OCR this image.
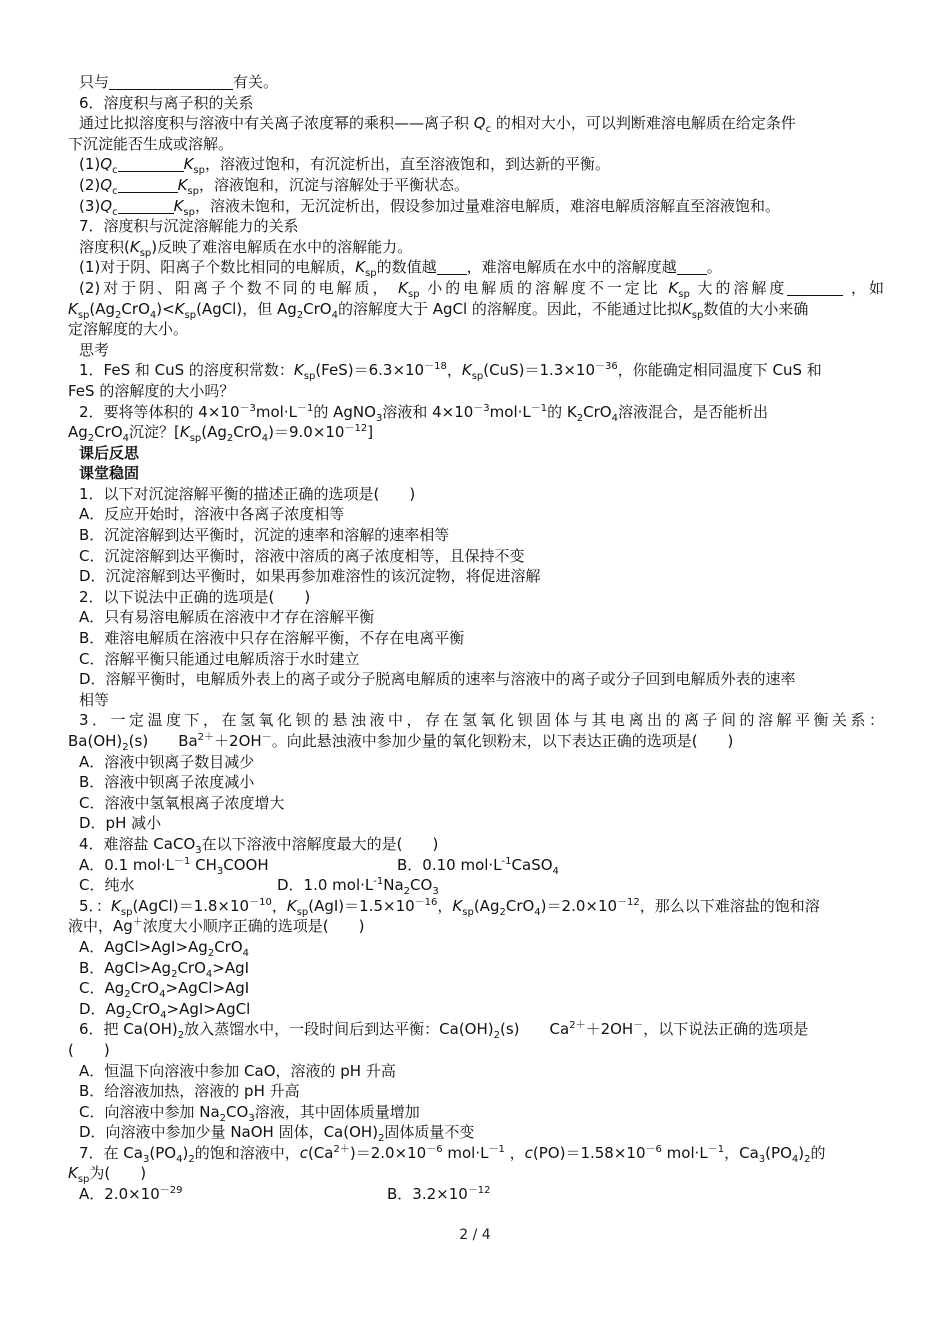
只与	有关。
6．溶度积与离子积的关系
通过比拟溶度积与溶液中有关离子浓度幂的乘积——离子积 $Q_c$ 的相对大小，可以判断难溶电解质在给定条件
下沉淀能否生成或溶解。
$(1)Q_c$	$K_{sp}$，溶液过饱和，有沉淀析出，直至溶液饱和，到达新的平衡。
$(2)Q_c$	$K_{sp}$，溶液饱和，沉淀与溶解处于平衡状态。
$(3)Q_c$	$K_{sp}$，溶液未饱和，无沉淀析出，假设参加过量难溶电解质，难溶电解质溶解直至溶液饱和。
7．溶度积与沉淀溶解能力的关系
溶度积$(K_{sp})$反映了难溶电解质在水中的溶解能力。
(1)对于阴、阳离子个数比相同的电解质，$K_{sp}$的数值越 ，难溶电解质在水中的溶解度越 。
(2)对于阴、阳离子个数不同的电解质， $K_{sp}$ 小的电解质的溶解度不一定比 $K_{sp}$ 大的溶解度	，如
$K_{sp}(Ag_2CrO_4)<K_{sp}(AgCl)$，但 $Ag_2CrO_4$的溶解度大于 AgCl 的溶解度。因此，不能通过比拟$K_{sp}$数值的大小来确
定溶解度的大小。
思考
1．FeS 和 CuS 的溶度积常数：$K_{sp}(FeS)=6.3\times 10^{-18}$，$K_{sp}(CuS)=1.3\times 10^{-36}$，你能确定相同温度下 CuS 和
FeS 的溶解度的大小吗？
2．要将等体积的 $4\times 10^{-3}mol\cdot L^{-1}$的 AgNO$_3$溶液和 $4\times 10^{-3}mol\cdot L^{-1}$的 $K_2CrO_4$溶液混合，是否能析出
$Ag_2CrO_4$沉淀？$[K_{sp}(Ag_2CrO_4)=9.0\times 10^{-12}]$
课后反思
课堂稳固
1．以下对沉淀溶解平衡的描述正确的选项是(　　)
A．反应开始时，溶液中各离子浓度相等
B．沉淀溶解到达平衡时，沉淀的速率和溶解的速率相等
C．沉淀溶解到达平衡时，溶液中溶质的离子浓度相等，且保持不变
D．沉淀溶解到达平衡时，如果再参加难溶性的该沉淀物，将促进溶解
2．以下说法中正确的选项是(　　)
A．只有易溶电解质在溶液中才存在溶解平衡
B．难溶电解质在溶液中只存在溶解平衡，不存在电离平衡
C．溶解平衡只能通过电解质溶于水时建立
D．溶解平衡时，电解质外表上的离子或分子脱离电解质的速率与溶液中的离子或分子回到电解质外表的速率
相等
3．一定温度下，在氢氧化钡的悬浊液中，存在氢氧化钡固体与其电离出的离子间的溶解平衡关系：
$Ba(OH)_2(s)$ $Ba^{2+}+2OH^-$。向此悬浊液中参加少量的氧化钡粉末，以下表达正确的选项是(　　)
A．溶液中钡离子数目减少
B．溶液中钡离子浓度减小
C．溶液中氢氧根离子浓度增大
D．pH 减小
4．难溶盐 CaCO$_3$在以下溶液中溶解度最大的是(　　)
A．0.1 $mol\cdot L^{-1}$ $CH_3COOH$	B．0.10 $mol\cdot L^{-1}CaSO_4$
C．纯水	D．1.0 $mol\cdot L^{-1}Na_2CO_3$
5．：$K_{sp}(AgCl)=1.8\times 10^{-10}$，$K_{sp}(AgI)=1.5\times 10^{-16}$，$K_{sp}(Ag_2CrO_4)=2.0\times 10^{-12}$，那么以下难溶盐的饱和溶
液中，Ag＋浓度大小顺序正确的选项是(　　)
A．$AgCl>AgI>Ag_2CrO_4$
B．$AgCl>Ag_2CrO_4>AgI$
C．$Ag_2CrO_4>AgCl>AgI$
D．$Ag_2CrO_4>AgI>AgCl$
6．把 $Ca(OH)_2$放入蒸馏水中，一段时间后到达平衡：$Ca(OH)_2(s)$ $Ca^{2+}+2OH^-$，以下说法正确的选项是
(　　)
A．恒温下向溶液中参加 CaO，溶液的 pH 升高
B．给溶液加热，溶液的 pH 升高
C．向溶液中参加 $Na_2CO_3$溶液，其中固体质量增加
D．向溶液中参加少量 NaOH 固体，$Ca(OH)_2$固体质量不变
7．在 $Ca_3(PO_4)_2$的饱和溶液中，$c(Ca^{2+})=2.0\times 10^{-6}$ $mol\cdot L^{-1}$ ，$c(PO)=1.58\times 10^{-6}$ $mol\cdot L^{-1}$，$Ca_3(PO_4)_2$的
$K_{sp}$为(　　)
A．$2.0\times 10^{-29}$	B．$3.2\times 10^{-12}$
2 / 4
